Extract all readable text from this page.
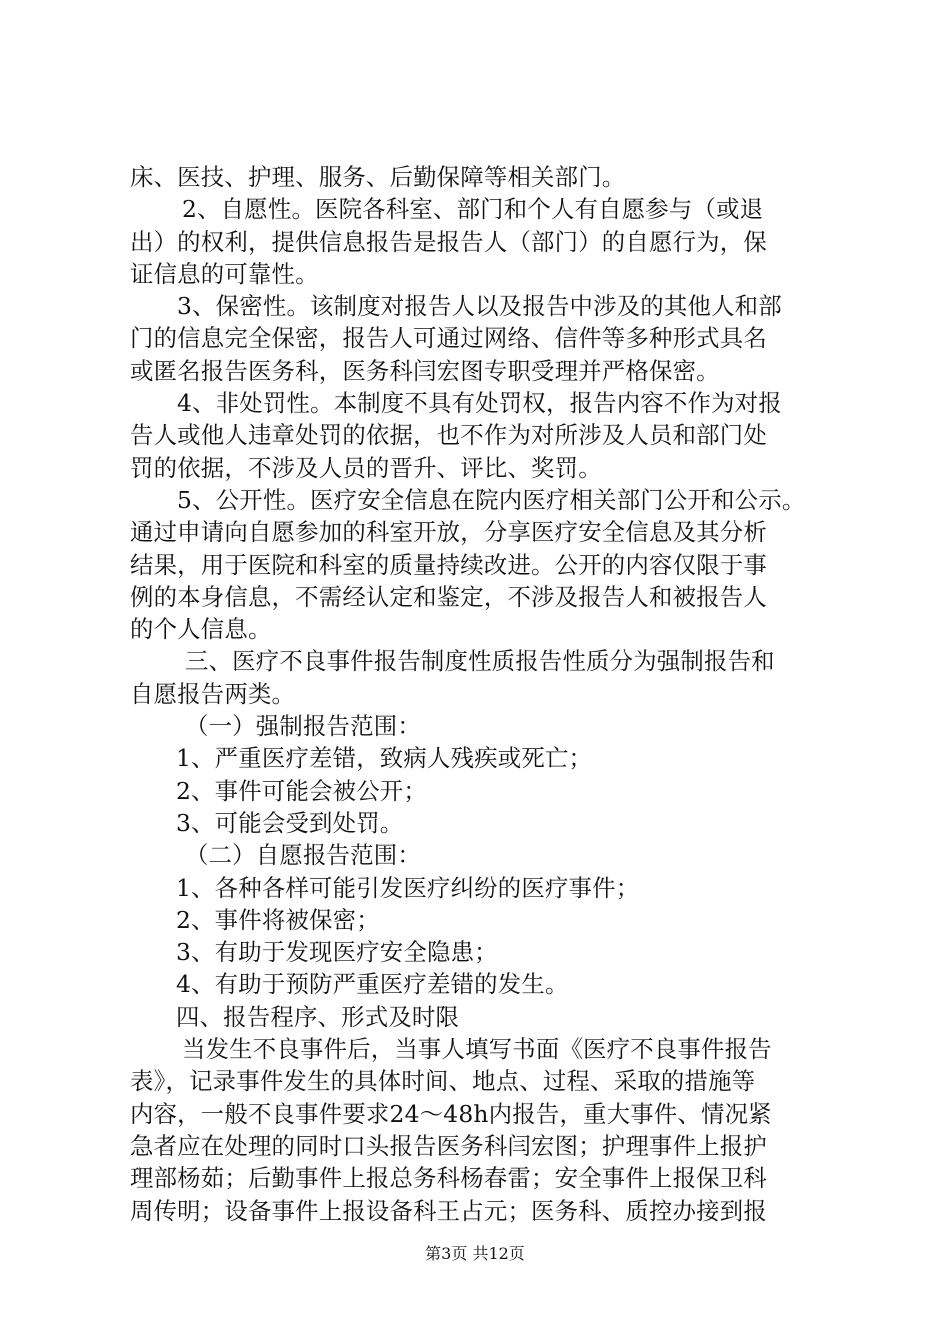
床、医技、护理、服务、后勤保障等相关部门。
2、自愿性。医院各科室、部门和个人有自愿参与（或退
出）的权利，提供信息报告是报告人（部门）的自愿行为，保
证信息的可靠性。
3、保密性。该制度对报告人以及报告中涉及的其他人和部
门的信息完全保密，报告人可通过网络、信件等多种形式具名
或匿名报告医务科，医务科闫宏图专职受理并严格保密。
4、非处罚性。本制度不具有处罚权，报告内容不作为对报
告人或他人违章处罚的依据，也不作为对所涉及人员和部门处
罚的依据，不涉及人员的晋升、评比、奖罚。
5、公开性。医疗安全信息在院内医疗相关部门公开和公示。
通过申请向自愿参加的科室开放，分享医疗安全信息及其分析
结果，用于医院和科室的质量持续改进。公开的内容仅限于事
例的本身信息，不需经认定和鉴定，不涉及报告人和被报告人
的个人信息。
三、医疗不良事件报告制度性质报告性质分为强制报告和
自愿报告两类。
（一）强制报告范围：
1、严重医疗差错，致病人残疾或死亡；
2、事件可能会被公开；
3、可能会受到处罚。
（二）自愿报告范围：
1、各种各样可能引发医疗纠纷的医疗事件；
2、事件将被保密；
3、有助于发现医疗安全隐患；
4、有助于预防严重医疗差错的发生。
四、报告程序、形式及时限
当发生不良事件后，当事人填写书面《医疗不良事件报告
表》，记录事件发生的具体时间、地点、过程、采取的措施等
内容，一般不良事件要求24～48h内报告，重大事件、情况紧
急者应在处理的同时口头报告医务科闫宏图；护理事件上报护
理部杨茹；后勤事件上报总务科杨春雷；安全事件上报保卫科
周传明；设备事件上报设备科王占元；医务科、质控办接到报
第3页 共12页
